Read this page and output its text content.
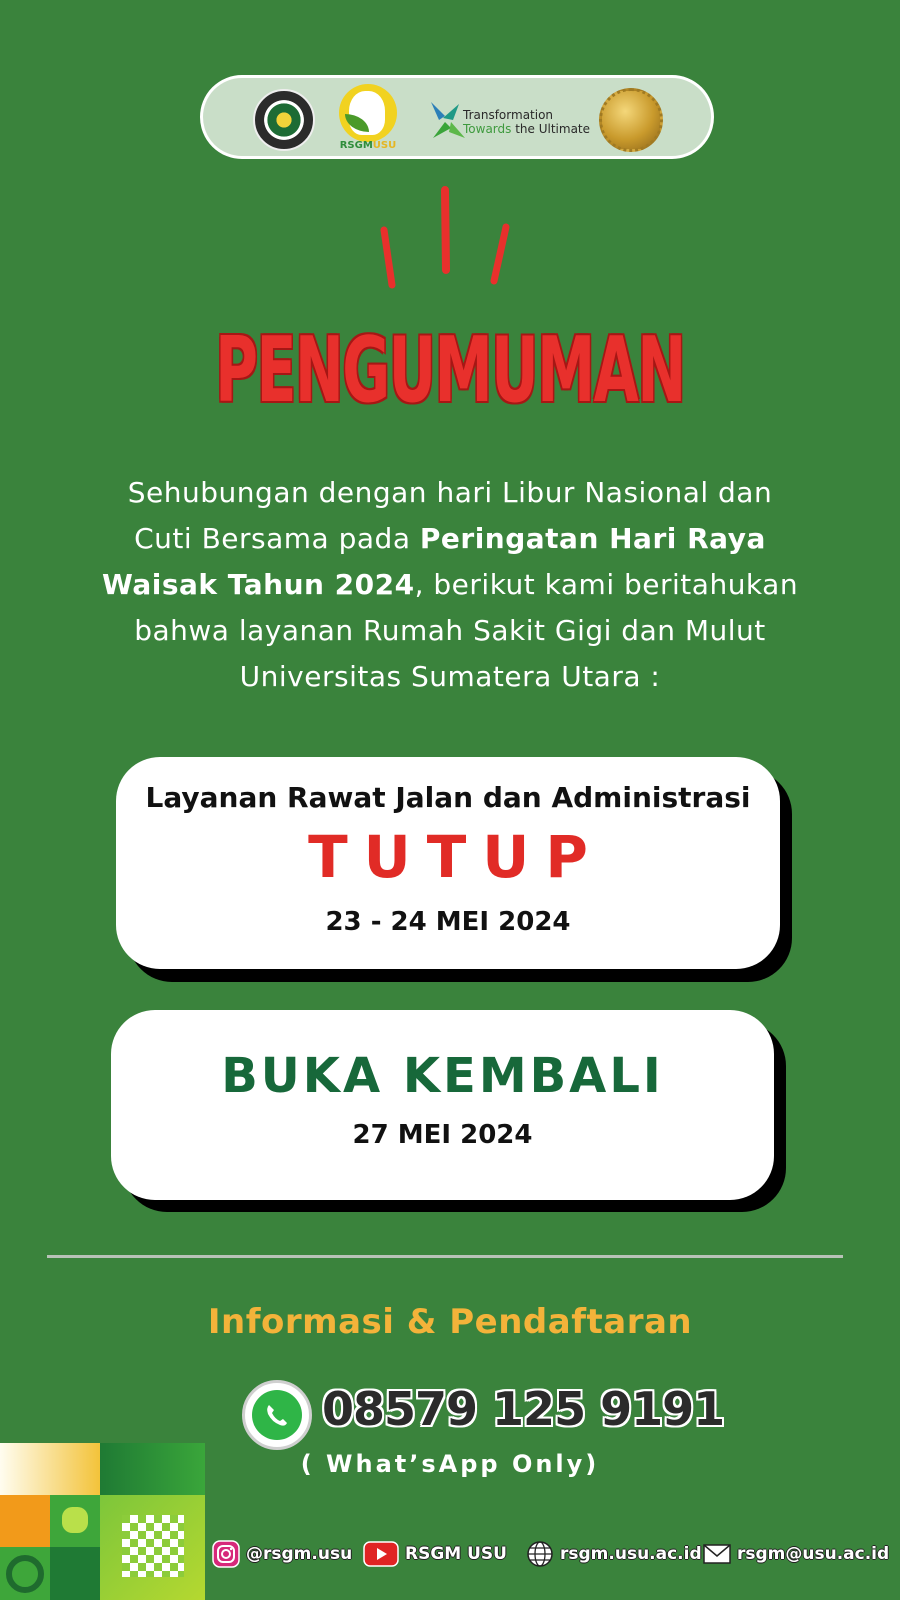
RSGMUSU
Transformation
Towards the Ultimate
PENGUMUMAN
Sehubungan dengan hari Libur Nasional dan Cuti Bersama pada Peringatan Hari Raya Waisak Tahun 2024, berikut kami beritahukan bahwa layanan Rumah Sakit Gigi dan Mulut Universitas Sumatera Utara :
Layanan Rawat Jalan dan Administrasi
TUTUP
23 - 24 MEI 2024
BUKA KEMBALI
27 MEI 2024
Informasi & Pendaftaran
08579 125 9191
( What’sApp Only)
@rsgm.usu	RSGM USU	rsgm.usu.ac.id rsgm@usu.ac.id
